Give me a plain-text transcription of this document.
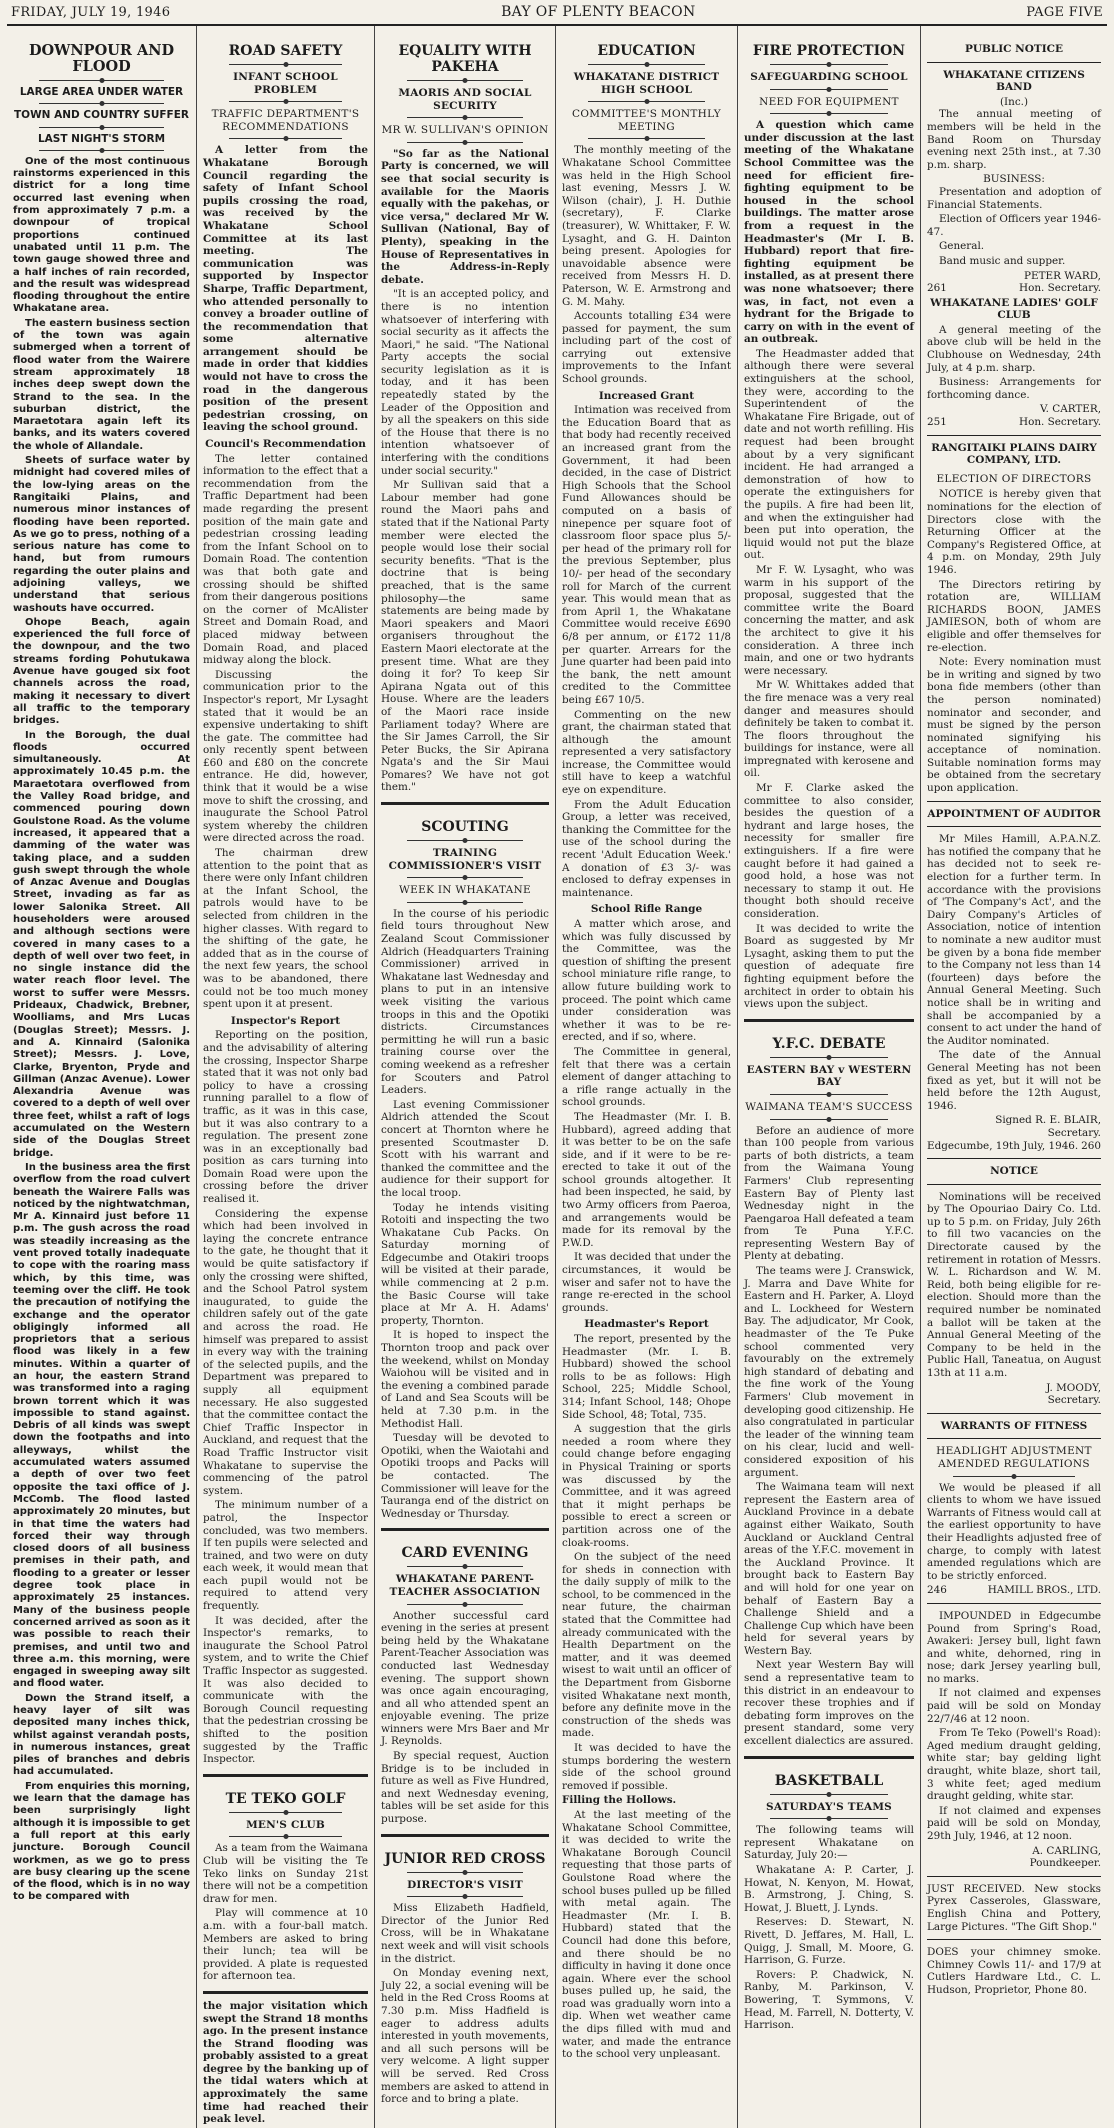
FRIDAY, JULY 19, 1946	BAY OF PLENTY BEACON	PAGE FIVE
DOWNPOUR AND FLOOD
LARGE AREA UNDER WATER
TOWN AND COUNTRY SUFFER
LAST NIGHT'S STORM

One of the most continuous rainstorms experienced in this district for a long time occurred last evening when from approximately 7 p.m. a downpour of tropical proportions continued unabated until 11 p.m. The town gauge showed three and a half inches of rain recorded, and the result was widespread flooding throughout the entire Whakatane area.

The eastern business section of the town was again submerged when a torrent of flood water from the Wairere stream approximately 18 inches deep swept down the Strand to the sea. In the suburban district, the Maraetotara again left its banks, and its waters covered the whole of Allandale.

Sheets of surface water by midnight had covered miles of the low-lying areas on the Rangitaiki Plains, and numerous minor instances of flooding have been reported. As we go to press, nothing of a serious nature has come to hand, but from rumours regarding the outer plains and adjoining valleys, we understand that serious washouts have occurred.

Ohope Beach, again experienced the full force of the downpour, and the two streams fording Pohutukawa Avenue have gouged six foot channels across the road, making it necessary to divert all traffic to the temporary bridges.

In the Borough, the dual floods occurred simultaneously. At approximately 10.45 p.m. the Maraetotara overflowed from the Valley Road bridge, and commenced pouring down Goulstone Road. As the volume increased, it appeared that a damming of the water was taking place, and a sudden gush swept through the whole of Anzac Avenue and Douglas Street, invading as far as lower Salonika Street. All householders were aroused and although sections were covered in many cases to a depth of well over two feet, in no single instance did the water reach floor level. The worst to suffer were Messrs. Prideaux, Chadwick, Brebner, Woolliams, and Mrs Lucas (Douglas Street); Messrs. J. and A. Kinnaird (Salonika Street); Messrs. J. Love, Clarke, Bryenton, Pryde and Gillman (Anzac Avenue). Lower Alexandria Avenue was covered to a depth of well over three feet, whilst a raft of logs accumulated on the Western side of the Douglas Street bridge.

In the business area the first overflow from the road culvert beneath the Wairere Falls was noticed by the nightwatchman, Mr A. Kinnaird just before 11 p.m. The gush across the road was steadily increasing as the vent proved totally inadequate to cope with the roaring mass which, by this time, was teeming over the cliff. He took the precaution of notifying the exchange and the operator obligingly informed all proprietors that a serious flood was likely in a few minutes. Within a quarter of an hour, the eastern Strand was transformed into a raging brown torrent which it was impossible to stand against. Debris of all kinds was swept down the footpaths and into alleyways, whilst the accumulated waters assumed a depth of over two feet opposite the taxi office of J. McComb. The flood lasted approximately 20 minutes, but in that time the waters had forced their way through closed doors of all business premises in their path, and flooding to a greater or lesser degree took place in approximately 25 instances. Many of the business people concerned arrived as soon as it was possible to reach their premises, and until two and three a.m. this morning, were engaged in sweeping away silt and flood water.

Down the Strand itself, a heavy layer of silt was deposited many inches thick, whilst against verandah posts, in numerous instances, great piles of branches and debris had accumulated.

From enquiries this morning, we learn that the damage has been surprisingly light although it is impossible to get a full report at this early juncture. Borough Council workmen, as we go to press are busy clearing up the scene of the flood, which is in no way to be compared with

ROAD SAFETY
INFANT SCHOOL PROBLEM
TRAFFIC DEPARTMENT'S RECOMMENDATIONS

A letter from the Whakatane Borough Council regarding the safety of Infant School pupils crossing the road, was received by the Whakatane School Committee at its last meeting. The communication was supported by Inspector Sharpe, Traffic Department, who attended personally to convey a broader outline of the recommendation that some alternative arrangement should be made in order that kiddies would not have to cross the road in the dangerous position of the present pedestrian crossing, on leaving the school ground.

Council's Recommendation

The letter contained information to the effect that a recommendation from the Traffic Department had been made regarding the present position of the main gate and pedestrian crossing leading from the Infant School on to Domain Road. The contention was that both gate and crossing should be shifted from their dangerous positions on the corner of McAlister Street and Domain Road, and placed midway between Domain Road, and placed midway along the block.

Discussing the communication prior to the Inspector's report, Mr Lysaght stated that it would be an expensive undertaking to shift the gate. The committee had only recently spent between £60 and £80 on the concrete entrance. He did, however, think that it would be a wise move to shift the crossing, and inaugurate the School Patrol system whereby the children were directed across the road.

The chairman drew attention to the point that as there were only Infant children at the Infant School, the patrols would have to be selected from children in the higher classes. With regard to the shifting of the gate, he added that as in the course of the next few years, the school was to be abandoned, there could not be too much money spent upon it at present.

Inspector's Report

Reporting on the position, and the advisability of altering the crossing, Inspector Sharpe stated that it was not only bad policy to have a crossing running parallel to a flow of traffic, as it was in this case, but it was also contrary to a regulation. The present zone was in an exceptionally bad position as cars turning into Domain Road were upon the crossing before the driver realised it.

Considering the expense which had been involved in laying the concrete entrance to the gate, he thought that it would be quite satisfactory if only the crossing were shifted, and the School Patrol system inaugurated, to guide the children safely out of the gate and across the road. He himself was prepared to assist in every way with the training of the selected pupils, and the Department was prepared to supply all equipment necessary. He also suggested that the committee contact the Chief Traffic Inspector in Auckland, and request that the Road Traffic Instructor visit Whakatane to supervise the commencing of the patrol system.

The minimum number of a patrol, the Inspector concluded, was two members. If ten pupils were selected and trained, and two were on duty each week, it would mean that each pupil would not be required to attend very frequently.

It was decided, after the Inspector's remarks, to inaugurate the School Patrol system, and to write the Chief Traffic Inspector as suggested. It was also decided to communicate with the Borough Council requesting that the pedestrian crossing be shifted to the position suggested by the Traffic Inspector.

TE TEKO GOLF
MEN'S CLUB

As a team from the Waimana Club will be visiting the Te Teko links on Sunday 21st there will not be a competition draw for men.

Play will commence at 10 a.m. with a four-ball match. Members are asked to bring their lunch; tea will be provided. A plate is requested for afternoon tea.

the major visitation which swept the Strand 18 months ago. In the present instance the Strand flooding was probably assisted to a great degree by the banking up of the tidal waters which at approximately the same time had reached their peak level.

EQUALITY WITH PAKEHA
MAORIS AND SOCIAL SECURITY
MR W. SULLIVAN'S OPINION

"So far as the National Party is concerned, we will see that social security is available for the Maoris equally with the pakehas, or vice versa," declared Mr W. Sullivan (National, Bay of Plenty), speaking in the House of Representatives in the Address-in-Reply debate.

"It is an accepted policy, and there is no intention whatsoever of interfering with social security as it affects the Maori," he said. "The National Party accepts the social security legislation as it is today, and it has been repeatedly stated by the Leader of the Opposition and by all the speakers on this side of the House that there is no intention whatsoever of interfering with the conditions under social security."

Mr Sullivan said that a Labour member had gone round the Maori pahs and stated that if the National Party member were elected the people would lose their social security benefits. "That is the doctrine that is being preached, that is the same philosophy—the same statements are being made by Maori speakers and Maori organisers throughout the Eastern Maori electorate at the present time. What are they doing it for? To keep Sir Apirana Ngata out of this House. Where are the leaders of the Maori race inside Parliament today? Where are the Sir James Carroll, the Sir Peter Bucks, the Sir Apirana Ngata's and the Sir Maui Pomares? We have not got them."

SCOUTING
TRAINING COMMISSIONER'S VISIT
WEEK IN WHAKATANE

In the course of his periodic field tours throughout New Zealand Scout Commissioner Aldrich (Headquarters Training Commissioner) arrived in Whakatane last Wednesday and plans to put in an intensive week visiting the various troops in this and the Opotiki districts. Circumstances permitting he will run a basic training course over the coming weekend as a refresher for Scouters and Patrol Leaders.

Last evening Commissioner Aldrich attended the Scout concert at Thornton where he presented Scoutmaster D. Scott with his warrant and thanked the committee and the audience for their support for the local troop.

Today he intends visiting Rotoiti and inspecting the two Whakatane Cub Packs. On Saturday morning of Edgecumbe and Otakiri troops will be visited at their parade, while commencing at 2 p.m. the Basic Course will take place at Mr A. H. Adams' property, Thornton.

It is hoped to inspect the Thornton troop and pack over the weekend, whilst on Monday Waiohou will be visited and in the evening a combined parade of Land and Sea Scouts will be held at 7.30 p.m. in the Methodist Hall.

Tuesday will be devoted to Opotiki, when the Waiotahi and Opotiki troops and Packs will be contacted. The Commissioner will leave for the Tauranga end of the district on Wednesday or Thursday.

CARD EVENING
WHAKATANE PARENT-TEACHER ASSOCIATION

Another successful card evening in the series at present being held by the Whakatane Parent-Teacher Association was conducted last Wednesday evening. The support shown was once again encouraging, and all who attended spent an enjoyable evening. The prize winners were Mrs Baer and Mr J. Reynolds.

By special request, Auction Bridge is to be included in future as well as Five Hundred, and next Wednesday evening, tables will be set aside for this purpose.

JUNIOR RED CROSS
DIRECTOR'S VISIT

Miss Elizabeth Hadfield, Director of the Junior Red Cross, will be in Whakatane next week and will visit schools in the district.

On Monday evening next, July 22, a social evening will be held in the Red Cross Rooms at 7.30 p.m. Miss Hadfield is eager to address adults interested in youth movements, and all such persons will be very welcome. A light supper will be served. Red Cross members are asked to attend in force and to bring a plate.

EDUCATION
WHAKATANE DISTRICT HIGH SCHOOL
COMMITTEE'S MONTHLY MEETING

The monthly meeting of the Whakatane School Committee was held in the High School last evening, Messrs J. W. Wilson (chair), J. H. Duthie (secretary), F. Clarke (treasurer), W. Whittaker, F. W. Lysaght, and G. H. Dainton being present. Apologies for unavoidable absence were received from Messrs H. D. Paterson, W. E. Armstrong and G. M. Mahy.

Accounts totalling £34 were passed for payment, the sum including part of the cost of carrying out extensive improvements to the Infant School grounds.

Increased Grant

Intimation was received from the Education Board that as that body had recently received an increased grant from the Government, it had been decided, in the case of District High Schools that the School Fund Allowances should be computed on a basis of ninepence per square foot of classroom floor space plus 5/- per head of the primary roll for the previous September, plus 10/- per head of the secondary roll for March of the current year. This would mean that as from April 1, the Whakatane Committee would receive £690 6/8 per annum, or £172 11/8 per quarter. Arrears for the June quarter had been paid into the bank, the nett amount credited to the Committee being £67 10/5.

Commenting on the new grant, the chairman stated that although the amount represented a very satisfactory increase, the Committee would still have to keep a watchful eye on expenditure.

From the Adult Education Group, a letter was received, thanking the Committee for the use of the school during the recent 'Adult Education Week.' A donation of £3 3/- was enclosed to defray expenses in maintenance.

School Rifle Range

A matter which arose, and which was fully discussed by the Committee, was the question of shifting the present school miniature rifle range, to allow future building work to proceed. The point which came under consideration was whether it was to be re-erected, and if so, where.

The Committee in general, felt that there was a certain element of danger attaching to a rifle range actually in the school grounds.

The Headmaster (Mr. I. B. Hubbard), agreed adding that it was better to be on the safe side, and if it were to be re-erected to take it out of the school grounds altogether. It had been inspected, he said, by two Army officers from Paeroa, and arrangements would be made for its removal by the P.W.D.

It was decided that under the circumstances, it would be wiser and safer not to have the range re-erected in the school grounds.

Headmaster's Report

The report, presented by the Headmaster (Mr. I. B. Hubbard) showed the school rolls to be as follows: High School, 225; Middle School, 314; Infant School, 148; Ohope Side School, 48; Total, 735.

A suggestion that the girls needed a room where they could change before engaging in Physical Training or sports was discussed by the Committee, and it was agreed that it might perhaps be possible to erect a screen or partition across one of the cloak-rooms.

On the subject of the need for sheds in connection with the daily supply of milk to the school, to be commenced in the near future, the chairman stated that the Committee had already communicated with the Health Department on the matter, and it was deemed wisest to wait until an officer of the Department from Gisborne visited Whakatane next month, before any definite move in the construction of the sheds was made.

It was decided to have the stumps bordering the western side of the school ground removed if possible.

Filling the Hollows.

At the last meeting of the Whakatane School Committee, it was decided to write the Whakatane Borough Council requesting that those parts of Goulstone Road where the school buses pulled up be filled with metal again. The Headmaster (Mr. I. B. Hubbard) stated that the Council had done this before, and there should be no difficulty in having it done once again. Where ever the school buses pulled up, he said, the road was gradually worn into a dip. When wet weather came the dips filled with mud and water, and made the entrance to the school very unpleasant.

FIRE PROTECTION
SAFEGUARDING SCHOOL
NEED FOR EQUIPMENT

A question which came under discussion at the last meeting of the Whakatane School Committee was the need for efficient fire-fighting equipment to be housed in the school buildings. The matter arose from a request in the Headmaster's (Mr I. B. Hubbard) report that fire-fighting equipment be installed, as at present there was none whatsoever; there was, in fact, not even a hydrant for the Brigade to carry on with in the event of an outbreak.

The Headmaster added that although there were several extinguishers at the school, they were, according to the Superintendent of the Whakatane Fire Brigade, out of date and not worth refilling. His request had been brought about by a very significant incident. He had arranged a demonstration of how to operate the extinguishers for the pupils. A fire had been lit, and when the extinguisher had been put into operation, the liquid would not put the blaze out.

Mr F. W. Lysaght, who was warm in his support of the proposal, suggested that the committee write the Board concerning the matter, and ask the architect to give it his consideration. A three inch main, and one or two hydrants were necessary.

Mr W. Whittakes added that the fire menace was a very real danger and measures should definitely be taken to combat it. The floors throughout the buildings for instance, were all impregnated with kerosene and oil.

Mr F. Clarke asked the committee to also consider, besides the question of a hydrant and large hoses, the necessity for smaller fire extinguishers. If a fire were caught before it had gained a good hold, a hose was not necessary to stamp it out. He thought both should receive consideration.

It was decided to write the Board as suggested by Mr Lysaght, asking them to put the question of adequate fire fighting equipment before the architect in order to obtain his views upon the subject.

Y.F.C. DEBATE
EASTERN BAY v WESTERN BAY
WAIMANA TEAM'S SUCCESS

Before an audience of more than 100 people from various parts of both districts, a team from the Waimana Young Farmers' Club representing Eastern Bay of Plenty last Wednesday night in the Paengaroa Hall defeated a team from Te Puna Y.F.C. representing Western Bay of Plenty at debating.

The teams were J. Cranswick, J. Marra and Dave White for Eastern and H. Parker, A. Lloyd and L. Lockheed for Western Bay. The adjudicator, Mr Cook, headmaster of the Te Puke school commented very favourably on the extremely high standard of debating and the fine work of the Young Farmers' Club movement in developing good citizenship. He also congratulated in particular the leader of the winning team on his clear, lucid and well-considered exposition of his argument.

The Waimana team will next represent the Eastern area of Auckland Province in a debate against either Waikato, South Auckland or Auckland Central areas of the Y.F.C. movement in the Auckland Province. It brought back to Eastern Bay and will hold for one year on behalf of Eastern Bay a Challenge Shield and a Challenge Cup which have been held for several years by Western Bay.

Next year Western Bay will send a representative team to this district in an endeavour to recover these trophies and if debating form improves on the present standard, some very excellent dialectics are assured.

BASKETBALL
SATURDAY'S TEAMS

The following teams will represent Whakatane on Saturday, July 20:—

Whakatane A: P. Carter, J. Howat, N. Kenyon, M. Howat, B. Armstrong, J. Ching, S. Howat, J. Bluett, J. Lynds.

Reserves: D. Stewart, N. Rivett, D. Jeffares, M. Hall, L. Quigg, J. Small, M. Moore, G. Harrison, G. Furze.

Rovers: P. Chadwick, N. Ranby, M. Parkinson, V. Bowering, T. Symmons, V. Head, M. Farrell, N. Dotterty, V. Harrison.

PUBLIC NOTICE
WHAKATANE CITIZENS BAND
(Inc.)

The annual meeting of members will be held in the Band Room on Thursday evening next 25th inst., at 7.30 p.m. sharp.

BUSINESS:

Presentation and adoption of Financial Statements.

Election of Officers year 1946-47.

General.

Band music and supper.

PETER WARD,
261	Hon. Secretary.
WHAKATANE LADIES' GOLF CLUB

A general meeting of the above club will be held in the Clubhouse on Wednesday, 24th July, at 4 p.m. sharp.

Business: Arrangements for forthcoming dance.

V. CARTER,
251	Hon. Secretary.
RANGITAIKI PLAINS DAIRY COMPANY, LTD.
ELECTION OF DIRECTORS

NOTICE is hereby given that nominations for the election of Directors close with the Returning Officer at the Company's Registered Office, at 4 p.m. on Monday, 29th July 1946.

The Directors retiring by rotation are, WILLIAM RICHARDS BOON, JAMES JAMIESON, both of whom are eligible and offer themselves for re-election.

Note: Every nomination must be in writing and signed by two bona fide members (other than the person nominated) nominator and seconder, and must be signed by the person nominated signifying his acceptance of nomination. Suitable nomination forms may be obtained from the secretary upon application.

APPOINTMENT OF AUDITOR

Mr Miles Hamill, A.P.A.N.Z. has notified the company that he has decided not to seek re-election for a further term. In accordance with the provisions of 'The Company's Act', and the Dairy Company's Articles of Association, notice of intention to nominate a new auditor must be given by a bona fide member to the Company not less than 14 (fourteen) days before the Annual General Meeting. Such notice shall be in writing and shall be accompanied by a consent to act under the hand of the Auditor nominated.

The date of the Annual General Meeting has not been fixed as yet, but it will not be held before the 12th August, 1946.

Signed R. E. BLAIR,
Secretary.
Edgecumbe, 19th July, 1946. 260
NOTICE

Nominations will be received by The Opouriao Dairy Co. Ltd. up to 5 p.m. on Friday, July 26th to fill two vacancies on the Directorate caused by the retirement in rotation of Messrs. W. L. Richardson and W. M. Reid, both being eligible for re-election. Should more than the required number be nominated a ballot will be taken at the Annual General Meeting of the Company to be held in the Public Hall, Taneatua, on August 13th at 11 a.m.

J. MOODY,
Secretary.
WARRANTS OF FITNESS
HEADLIGHT ADJUSTMENT AMENDED REGULATIONS

We would be pleased if all clients to whom we have issued Warrants of Fitness would call at the earliest opportunity to have their Headlights adjusted free of charge, to comply with latest amended regulations which are to be strictly enforced.

246	HAMILL BROS., LTD.

IMPOUNDED in Edgecumbe Pound from Spring's Road, Awakeri: Jersey bull, light fawn and white, dehorned, ring in nose; dark Jersey yearling bull, no marks.

If not claimed and expenses paid will be sold on Monday 22/7/46 at 12 noon.

From Te Teko (Powell's Road): Aged medium draught gelding, white star; bay gelding light draught, white blaze, short tail, 3 white feet; aged medium draught gelding, white star.

If not claimed and expenses paid will be sold on Monday, 29th July, 1946, at 12 noon.

A. CARLING,
Poundkeeper.

JUST RECEIVED. New stocks Pyrex Casseroles, Glassware, English China and Pottery, Large Pictures. "The Gift Shop."

DOES your chimney smoke. Chimney Cowls 11/- and 17/9 at Cutlers Hardware Ltd., C. L. Hudson, Proprietor, Phone 80.
